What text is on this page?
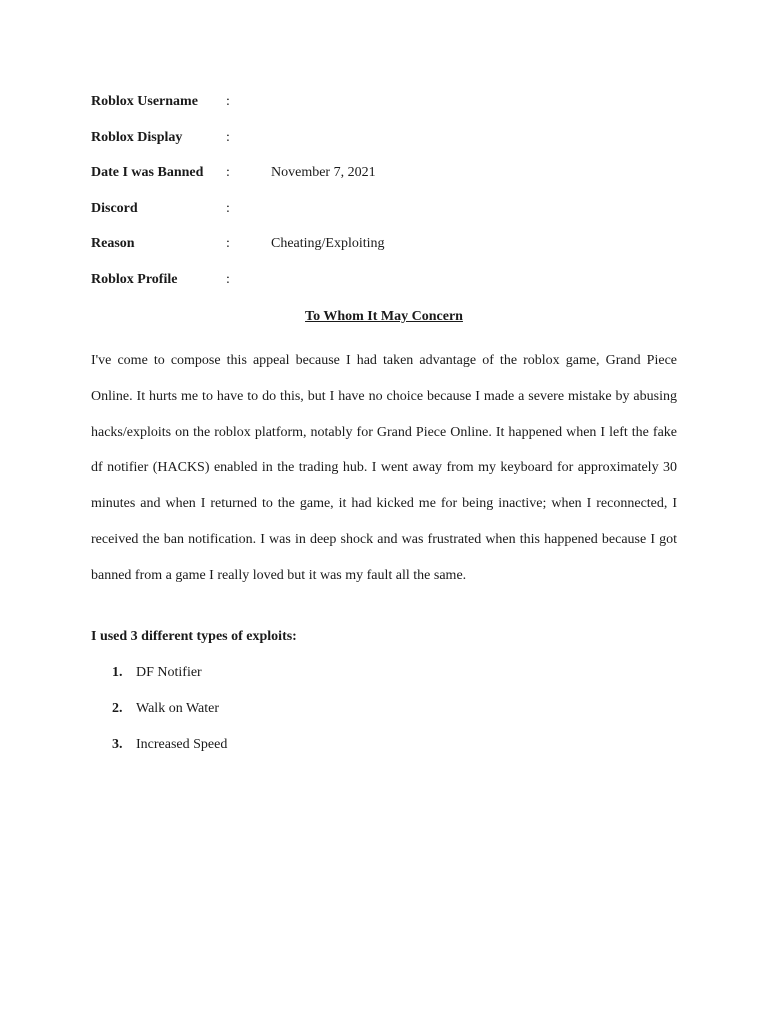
Roblox Username :
Roblox Display	:
Date I was Banned :	November 7, 2021
Discord	:
Reason	:	Cheating/Exploiting
Roblox Profile	:
To Whom It May Concern

I've come to compose this appeal because I had taken advantage of the roblox game, Grand Piece Online. It hurts me to have to do this, but I have no choice because I made a severe mistake by abusing hacks/exploits on the roblox platform, notably for Grand Piece Online. It happened when I left the fake df notifier (HACKS) enabled in the trading hub. I went away from my keyboard for approximately 30 minutes and when I returned to the game, it had kicked me for being inactive; when I reconnected, I received the ban notification. I was in deep shock and was frustrated when this happened because I got banned from a game I really loved but it was my fault all the same.

I used 3 different types of exploits:
1. DF Notifier
2. Walk on Water
3. Increased Speed
